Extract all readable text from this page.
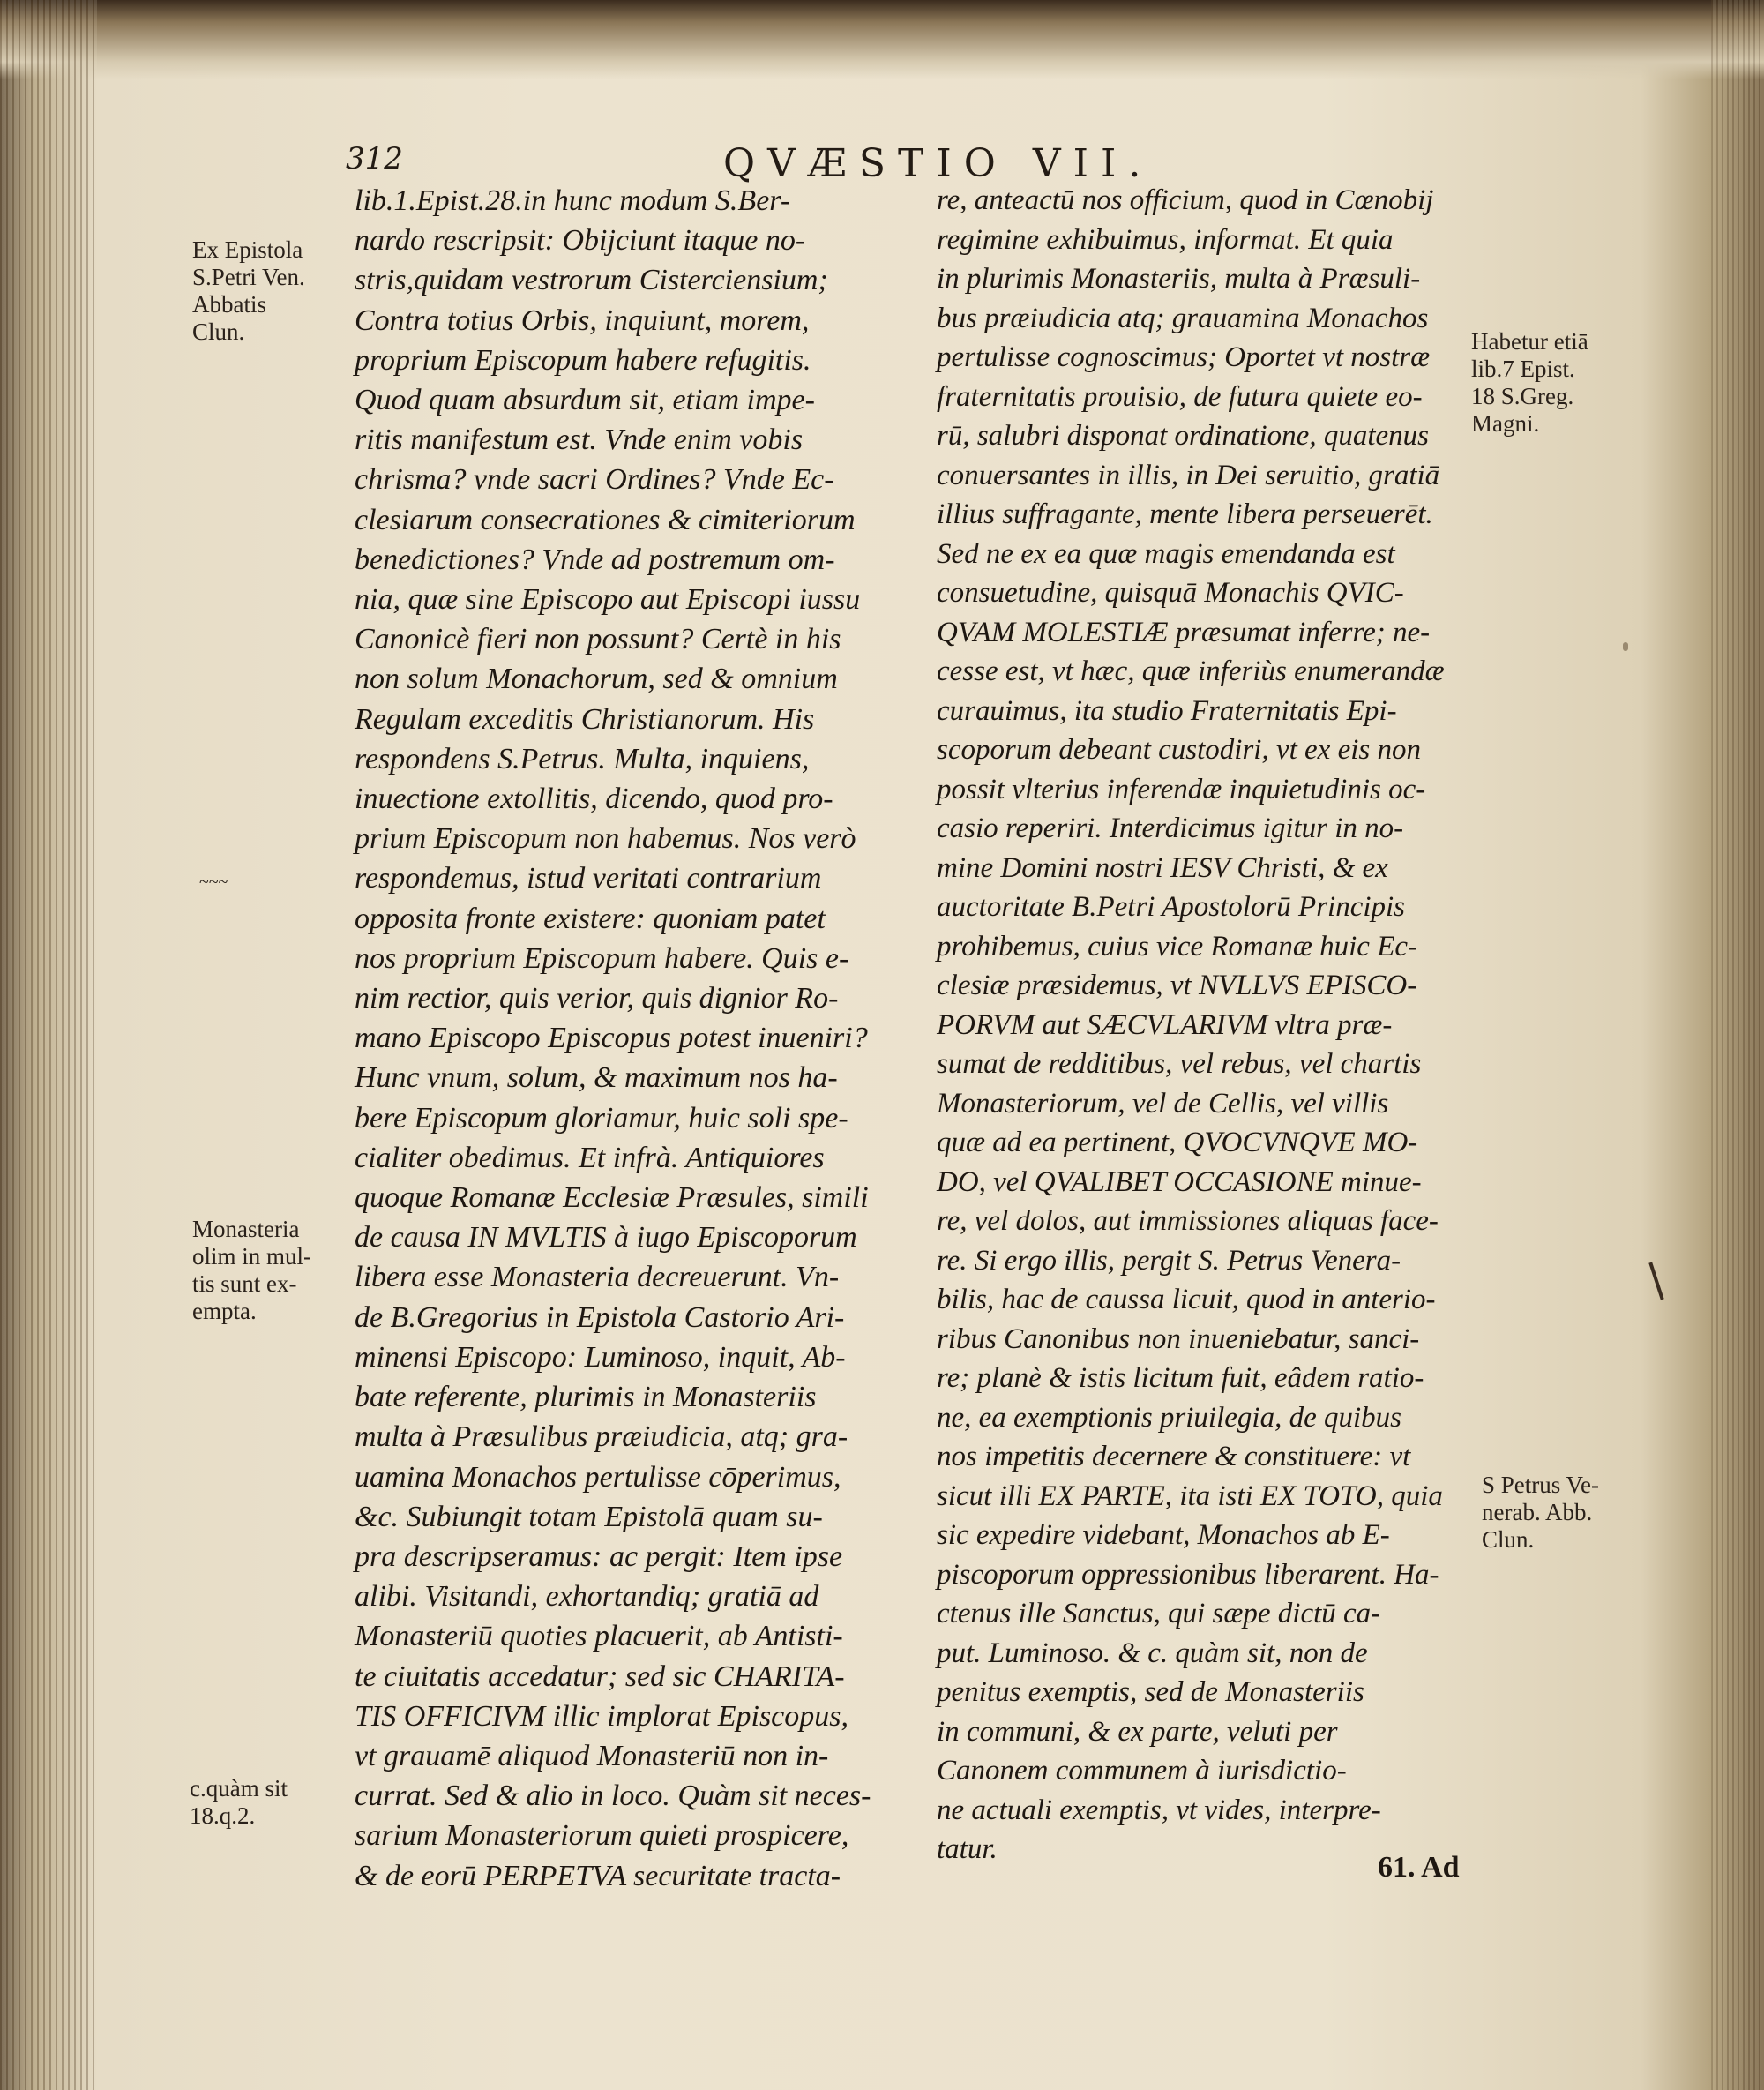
312	QVÆSTIO VII.
lib.1.Epist.28.in hunc modum S.Ber-
nardo rescripsit: Obijciunt itaque no-
stris,quidam vestrorum Cisterciensium;
Contra totius Orbis, inquiunt, morem,
proprium Episcopum habere refugitis.
Quod quam absurdum sit, etiam impe-
ritis manifestum est. Vnde enim vobis
chrisma? vnde sacri Ordines? Vnde Ec-
clesiarum consecrationes & cimiteriorum
benedictiones? Vnde ad postremum om-
nia, quæ sine Episcopo aut Episcopi iussu
Canonicè fieri non possunt? Certè in his
non solum Monachorum, sed & omnium
Regulam exceditis Christianorum. His
respondens S.Petrus. Multa, inquiens,
inuectione extollitis, dicendo, quod pro-
prium Episcopum non habemus. Nos verò
respondemus, istud veritati contrarium
opposita fronte existere: quoniam patet
nos proprium Episcopum habere. Quis e-
nim rectior, quis verior, quis dignior Ro-
mano Episcopo Episcopus potest inueniri?
Hunc vnum, solum, & maximum nos ha-
bere Episcopum gloriamur, huic soli spe-
cialiter obedimus. Et infrà. Antiquiores
quoque Romanæ Ecclesiæ Præsules, simili
de causa IN MVLTIS à iugo Episcoporum
libera esse Monasteria decreuerunt. Vn-
de B.Gregorius in Epistola Castorio Ari-
minensi Episcopo: Luminoso, inquit, Ab-
bate referente, plurimis in Monasteriis
multa à Præsulibus præiudicia, atq; gra-
uamina Monachos pertulisse cōperimus,
&c. Subiungit totam Epistolā quam su-
pra descripseramus: ac pergit: Item ipse
alibi. Visitandi, exhortandiq; gratiā ad
Monasteriū quoties placuerit, ab Antisti-
te ciuitatis accedatur; sed sic CHARITA-
TIS OFFICIVM illic implorat Episcopus,
vt grauamē aliquod Monasteriū non in-
currat. Sed & alio in loco. Quàm sit neces-
sarium Monasteriorum quieti prospicere,
& de eorū PERPETVA securitate tracta-
re, anteactū nos officium, quod in Cœnobij
regimine exhibuimus, informat. Et quia
in plurimis Monasteriis, multa à Præsuli-
bus præiudicia atq; grauamina Monachos
pertulisse cognoscimus; Oportet vt nostræ
fraternitatis prouisio, de futura quiete eo-
rū, salubri disponat ordinatione, quatenus
conuersantes in illis, in Dei seruitio, gratiā
illius suffragante, mente libera perseuerēt.
Sed ne ex ea quæ magis emendanda est
consuetudine, quisquā Monachis QVIC-
QVAM MOLESTIÆ præsumat inferre; ne-
cesse est, vt hæc, quæ inferiùs enumerandæ
curauimus, ita studio Fraternitatis Epi-
scoporum debeant custodiri, vt ex eis non
possit vlterius inferendæ inquietudinis oc-
casio reperiri. Interdicimus igitur in no-
mine Domini nostri IESV Christi, & ex
auctoritate B.Petri Apostolorū Principis
prohibemus, cuius vice Romanæ huic Ec-
clesiæ præsidemus, vt NVLLVS EPISCO-
PORVM aut SÆCVLARIVM vltra præ-
sumat de redditibus, vel rebus, vel chartis
Monasteriorum, vel de Cellis, vel villis
quæ ad ea pertinent, QVOCVNQVE MO-
DO, vel QVALIBET OCCASIONE minue-
re, vel dolos, aut immissiones aliquas face-
re. Si ergo illis, pergit S. Petrus Venera-
bilis, hac de caussa licuit, quod in anterio-
ribus Canonibus non inueniebatur, sanci-
re; planè & istis licitum fuit, eâdem ratio-
ne, ea exemptionis priuilegia, de quibus
nos impetitis decernere & constituere: vt
sicut illi EX PARTE, ita isti EX TOTO, quia
sic expedire videbant, Monachos ab E-
piscoporum oppressionibus liberarent. Ha-
ctenus ille Sanctus, qui sæpe dictū ca-
put. Luminoso. & c. quàm sit, non de
penitus exemptis, sed de Monasteriis
in communi, & ex parte, veluti per
Canonem communem à iurisdictio-
ne actuali exemptis, vt vides, interpre-
tatur.
Ex Epistola
S.Petri Ven.
Abbatis
Clun.	Habetur etiā
lib.7 Epist.
18 S.Greg.
Magni.
~~~
Monasteria
olim in mul-
tis sunt ex-
empta.
S Petrus Ve-
nerab. Abb.
Clun.
c.quàm sit
18.q.2.
61. Ad
